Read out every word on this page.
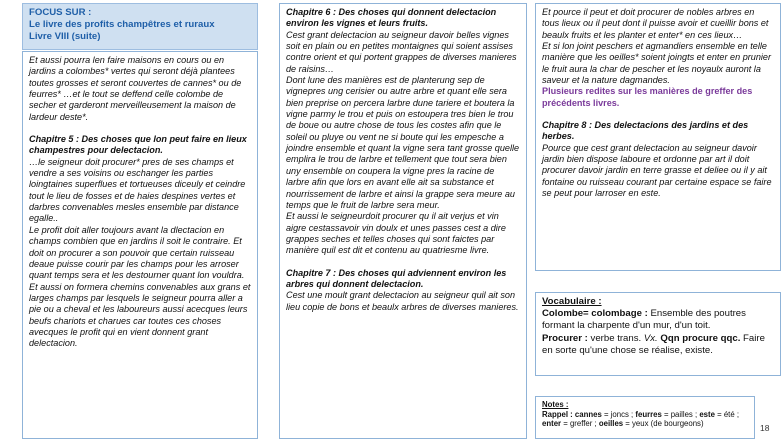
FOCUS SUR :
Le livre des profits champêtres et ruraux
Livre VIII (suite)

Et aussi pourra len faire maisons en cours ou en jardins a colombes* vertes qui seront déjà plantees toutes grosses et seront couvertes de cannes* ou de feurres* …et le tout se deffend celle colombe de secher et garderont merveilleusement la maison de lardeur deste*.

Chapitre 5 : Des choses que lon peut faire en lieux champestres pour delectacion.

…le seigneur doit procurer* pres de ses champs et vendre a ses voisins ou eschanger les parties loingtaines superflues et tortueuses diceuly et ceindre tout le lieu de fosses et de haies despines vertes et darbres convenables mesles ensemble par distance egalle..

Le profit doit aller toujours avant la dlectacion en champs combien que en jardins il soit le contraire. Et doit on procurer a son pouvoir que certain ruisseau deaue puisse courir par les champs pour les arroser quant temps sera et les destourner quant lon vouldra. Et aussi on formera chemins convenables aux grans et larges champs par lesquels le seigneur pourra aller a pie ou a cheval et les laboureurs aussi acecques leurs beufs chariots et charues car toutes ces choses avecques le profit qui en vient donnent grant delectacion.

Chapitre 6 : Des choses qui donnent delectacion environ les vignes et leurs fruits.

Cest grant delectacion au seigneur davoir belles vignes soit en plain ou en petites montaignes qui soient assises contre orient et qui portent grappes de diverses manieres de raisins…

Dont lune des manières est de planterung sep de vignepres ung cerisier ou autre arbre et quant elle sera bien preprise on percera larbre dune tariere et boutera la vigne parmy le trou et puis on estoupera tres bien le trou de boue ou autre chose de tous les costes afin que le soleil ou pluye ou vent ne si boute qui les empesche a joindre ensemble et quant la vigne sera tant grosse quelle emplira le trou de larbre et tellement que tout sera bien uny ensemble on coupera la vigne pres la racine de larbre afin que lors en avant elle ait sa substance et nourrissement de larbre et ainsi la grappe sera meure au temps que le fruit de larbre sera meur.

Et aussi le seigneurdoit procurer qu il ait verjus et vin aigre cestassavoir vin doulx et unes passes cest a dire grappes seches et telles choses qui sont faictes par manière quil est dit et contenu au quatriesme livre.

Chapitre 7 : Des choses qui adviennent environ les arbres qui donnent delectacion.

Cest une moult grant delectacion au seigneur quil ait son lieu copie de bons et beaulx arbres de diverses manieres.

Et pource il peut et doit procurer de nobles arbres en tous lieux ou il peut dont il puisse avoir et cueillir bons et beaulx fruits et les planter et enter* en ces lieux…

Et si lon joint peschers et agmandiers ensemble en telle manière que les oeilles* soient joingts et enter en prunier le fruit aura la char de pescher et les noyaulx auront la saveur et la nature dagmandes.

Plusieurs redites sur les manières de greffer des précédents livres.

Chapitre 8 : Des delectacions des jardins et des herbes.

Pource que cest grant delectacion au seigneur davoir jardin bien dispose laboure et ordonne par art il doit procurer davoir jardin en terre grasse et deliee ou il y ait fontaine ou ruisseau courant par certaine espace se faire se peut pour larroser en este.

Vocabulaire :
Colombe= colombage : Ensemble des poutres formant la charpente d'un mur, d'un toit.
Procurer : verbe trans. Vx. Qqn procure qqc. Faire en sorte qu'une chose se réalise, existe.
Notes :
Rappel : cannes = joncs ; feurres = pailles ; este = été ;
enter = greffer ; oeilles = yeux (de bourgeons)	18
